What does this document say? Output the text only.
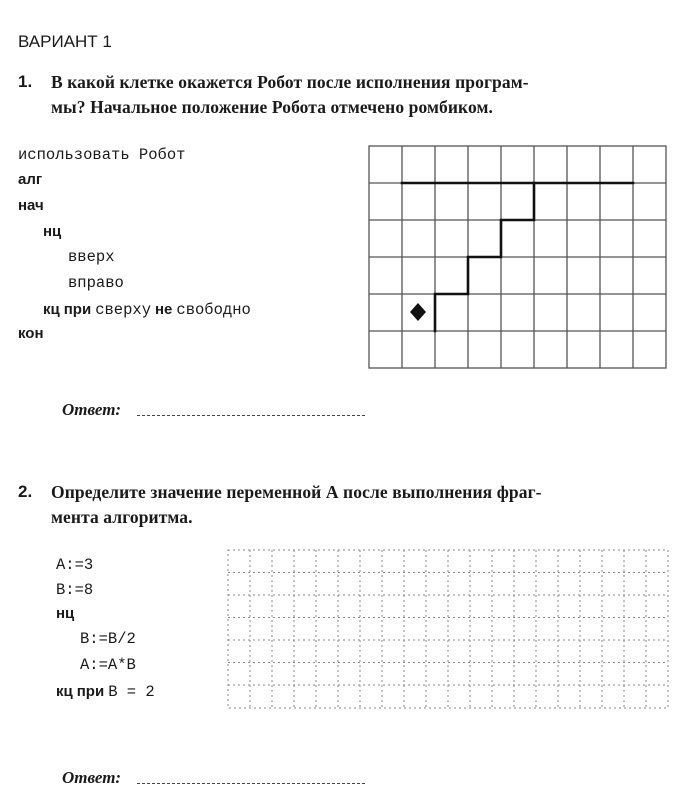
ВАРИАНТ 1
1. В какой клетке окажется Робот после исполнения програм-
мы? Начальное положение Робота отмечено ромбиком.
использовать Робот
алг
нач
нц
вверх
вправо
кц при сверху не свободно
кон
Ответ:
2. Определите значение переменной А после выполнения фраг-
мента алгоритма.
A:=3
B:=8
нц
B:=B/2
A:=A*B
кц при B = 2
Ответ:
